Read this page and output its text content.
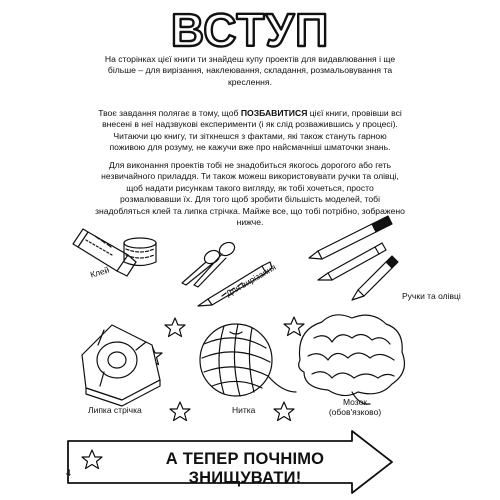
ВСТУП

На сторінках цієї книги ти знайдеш купу проектів для видавлювання і ще більше – для вирізання, наклеювання, складання, розмальовування та креслення.

Твоє завдання полягає в тому, щоб ПОЗБАВИТИСЯ цієї книги, провівши всі внесені в неї надзвукові експерименти (і як слід розважившись у процесі). Читаючи цю книгу, ти зіткнешся з фактами, які також стануть гарною поживою для розуму, не кажучи вже про найсмачніші шматочки знань.

Для виконання проектів тобі не знадобиться якогось дорогого або геть незвичайного приладдя. Ти також можеш використовувати ручки та олівці, щоб надати рисункам такого вигляду, як тобі хочеться, просто розмалювавши їх. Для того щоб зробити більшість моделей, тобі знадобляться клей та липка стрічка. Майже все, що тобі потрібно, зображено нижче.

Клей	Для вирізання	Ручки та олівці
Липка стрічка	Нитка
Мозок
(обов'язково)
А ТЕПЕР ПОЧНІМО ЗНИЩУВАТИ!
4
